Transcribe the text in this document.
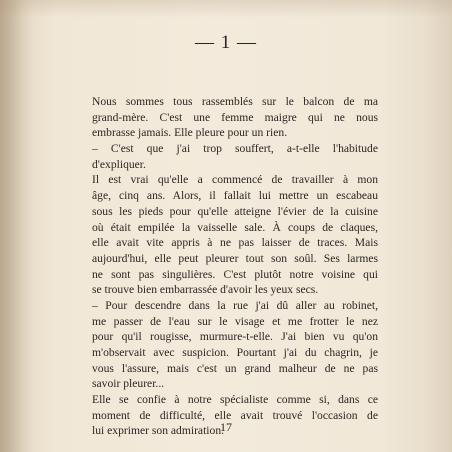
— 1 —
Nous sommes tous rassemblés sur le balcon de ma
grand-mère. C'est une femme maigre qui ne nous
embrasse jamais. Elle pleure pour un rien.
– C'est que j'ai trop souffert, a-t-elle l'habitude
d'expliquer.
Il est vrai qu'elle a commencé de travailler à mon
âge, cinq ans. Alors, il fallait lui mettre un escabeau
sous les pieds pour qu'elle atteigne l'évier de la cuisine
où était empilée la vaisselle sale. À coups de claques,
elle avait vite appris à ne pas laisser de traces. Mais
aujourd'hui, elle peut pleurer tout son soûl. Ses larmes
ne sont pas singulières. C'est plutôt notre voisine qui
se trouve bien embarrassée d'avoir les yeux secs.
– Pour descendre dans la rue j'ai dû aller au robinet,
me passer de l'eau sur le visage et me frotter le nez
pour qu'il rougisse, murmure-t-elle. J'ai bien vu qu'on
m'observait avec suspicion. Pourtant j'ai du chagrin, je
vous l'assure, mais c'est un grand malheur de ne pas
savoir pleurer...
Elle se confie à notre spécialiste comme si, dans ce
moment de difficulté, elle avait trouvé l'occasion de
lui exprimer son admiration.
17
